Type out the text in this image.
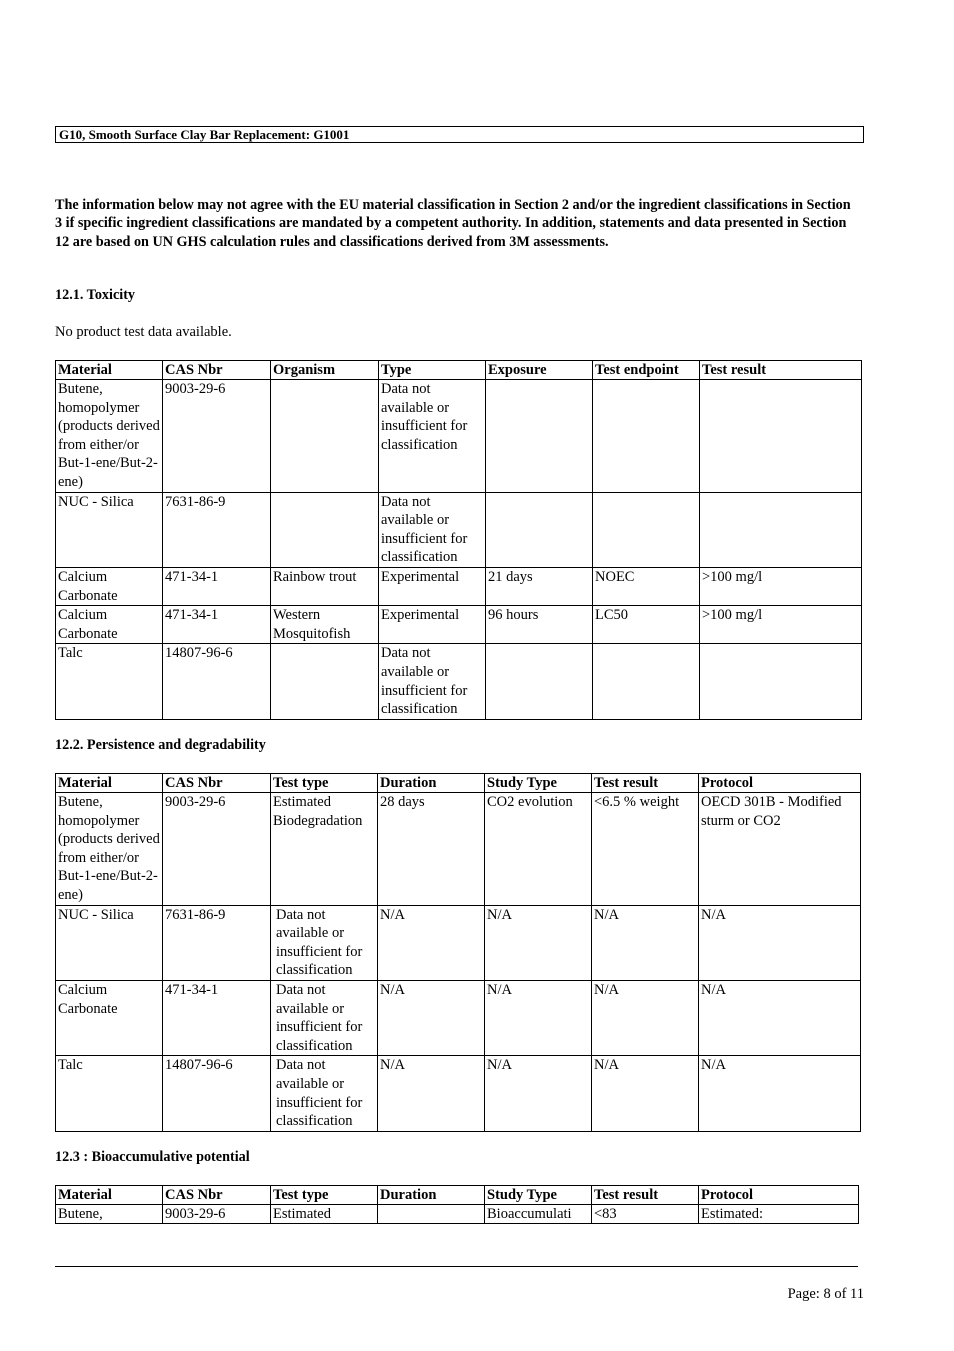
G10, Smooth Surface Clay Bar Replacement: G1001
The information below may not agree with the EU material classification in Section 2 and/or the ingredient classifications in Section 3 if specific ingredient classifications are mandated by a competent authority. In addition, statements and data presented in Section 12 are based on UN GHS calculation rules and classifications derived from 3M assessments.
12.1. Toxicity
No product test data available.
Material	CAS Nbr	Organism	Type	Exposure	Test endpoint	Test result
Butene, homopolymer (products derived from either/or But-1-ene/But-2-ene)	9003-29-6		Data not available or insufficient for classification			
NUC - Silica	7631-86-9		Data not available or insufficient for classification			
Calcium Carbonate	471-34-1	Rainbow trout	Experimental	21 days	NOEC	>100 mg/l
Calcium Carbonate	471-34-1	Western Mosquitofish	Experimental	96 hours	LC50	>100 mg/l
Talc	14807-96-6		Data not available or insufficient for classification			
12.2. Persistence and degradability
Material	CAS Nbr	Test type	Duration	Study Type	Test result	Protocol
Butene, homopolymer (products derived from either/or But-1-ene/But-2-ene)	9003-29-6	Estimated Biodegradation	28 days	CO2 evolution	<6.5 % weight	OECD 301B - Modified sturm or CO2
NUC - Silica	7631-86-9	Data not available or insufficient for classification	N/A	N/A	N/A	N/A
Calcium Carbonate	471-34-1	Data not available or insufficient for classification	N/A	N/A	N/A	N/A
Talc	14807-96-6	Data not available or insufficient for classification	N/A	N/A	N/A	N/A
12.3 : Bioaccumulative potential
Material	CAS Nbr	Test type	Duration	Study Type	Test result	Protocol
Butene,	9003-29-6	Estimated		Bioaccumulati	<83	Estimated:
Page: 8 of 11
